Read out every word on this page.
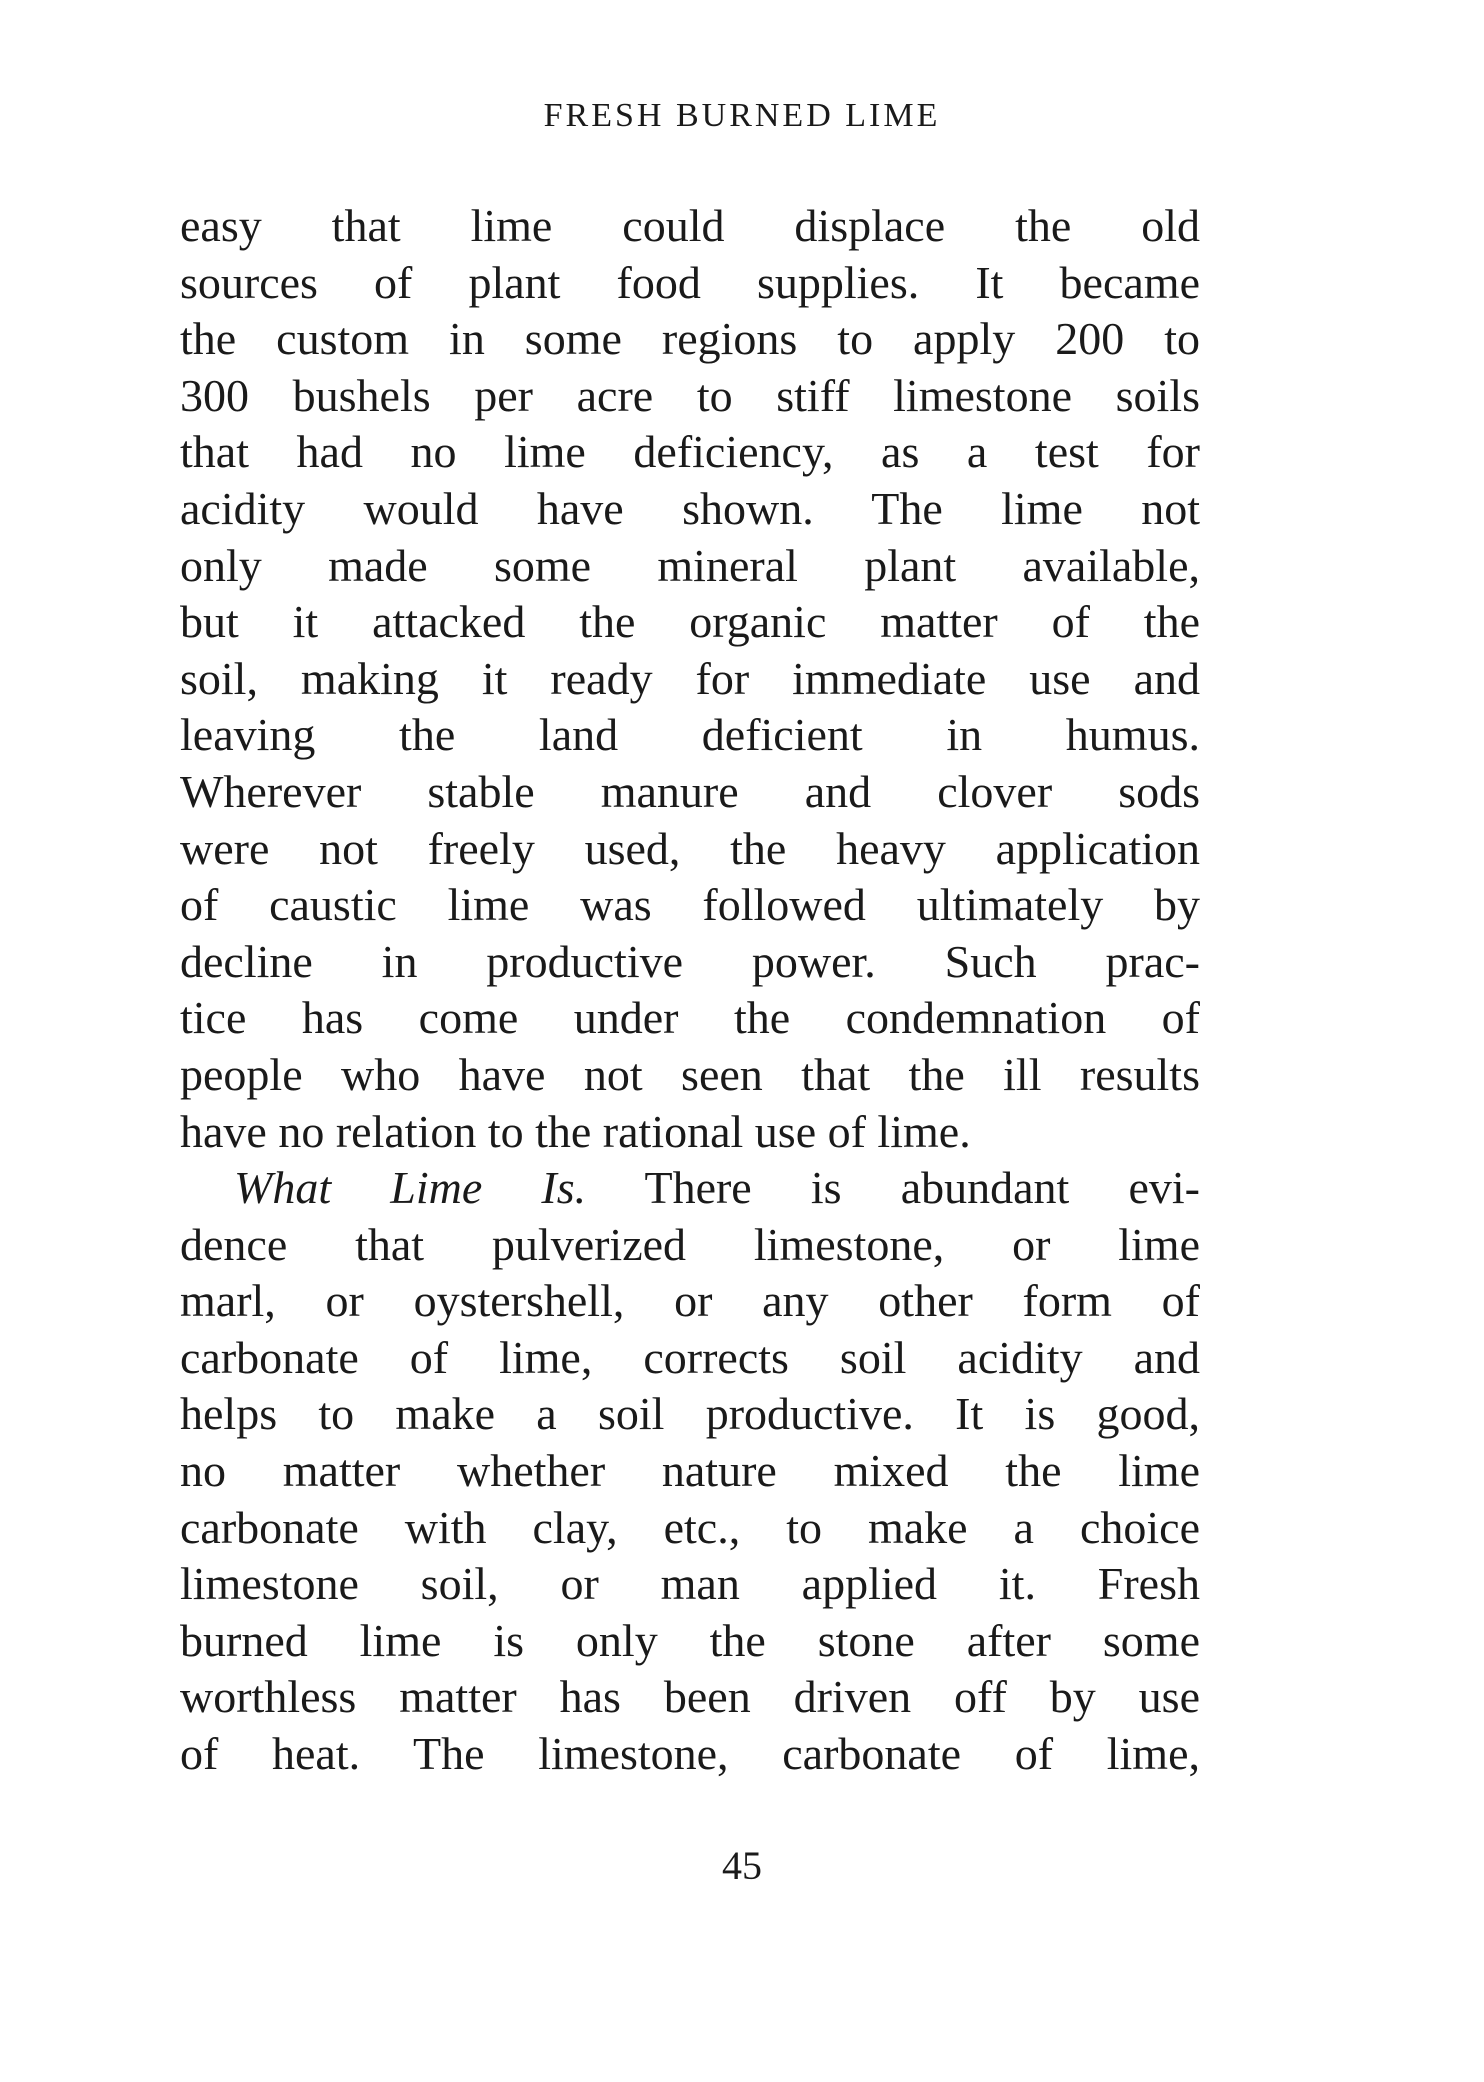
FRESH BURNED LIME
easy that lime could displace the old
sources of plant food supplies. It became
the custom in some regions to apply 200 to
300 bushels per acre to stiff limestone soils
that had no lime deficiency, as a test for
acidity would have shown. The lime not
only made some mineral plant available,
but it attacked the organic matter of the
soil, making it ready for immediate use and
leaving the land deficient in humus.
Wherever stable manure and clover sods
were not freely used, the heavy application
of caustic lime was followed ultimately by
decline in productive power. Such prac-
tice has come under the condemnation of
people who have not seen that the ill results
have no relation to the rational use of lime.
What Lime Is. There is abundant evi-
dence that pulverized limestone, or lime
marl, or oystershell, or any other form of
carbonate of lime, corrects soil acidity and
helps to make a soil productive. It is good,
no matter whether nature mixed the lime
carbonate with clay, etc., to make a choice
limestone soil, or man applied it. Fresh
burned lime is only the stone after some
worthless matter has been driven off by use
of heat. The limestone, carbonate of lime,
45
